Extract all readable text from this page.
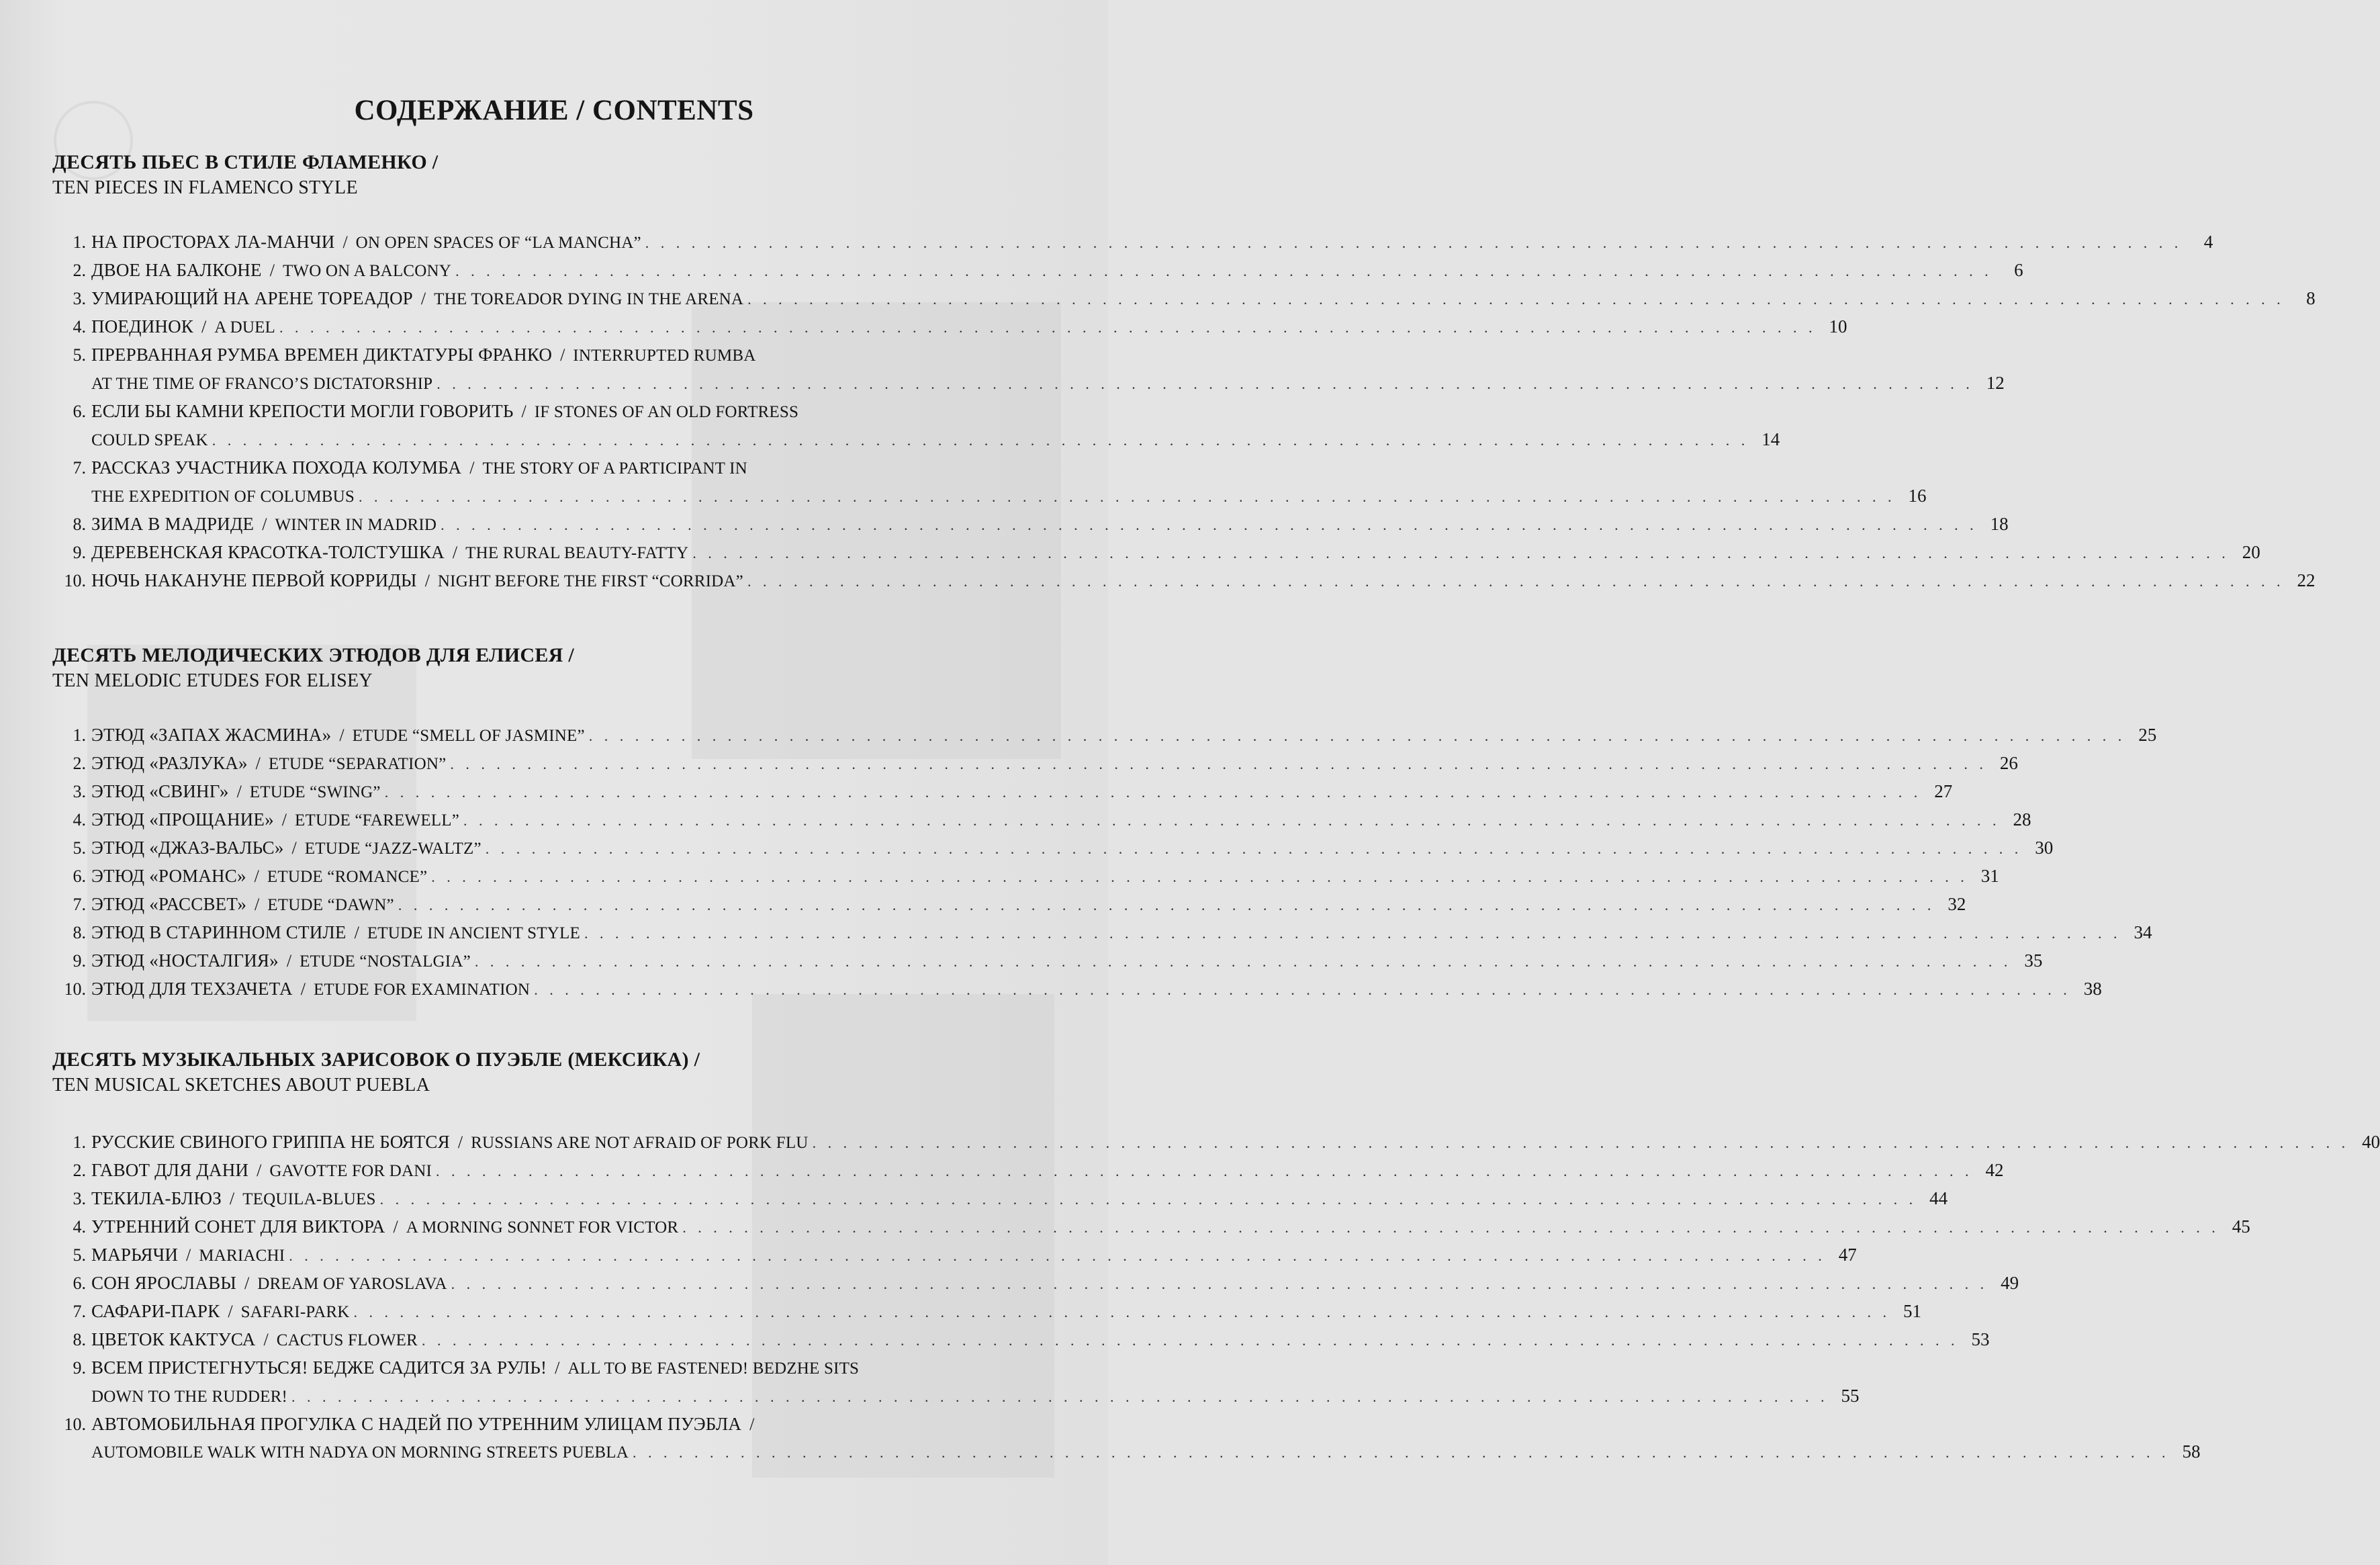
СОДЕРЖАНИЕ / CONTENTS
ДЕСЯТЬ ПЬЕС В СТИЛЕ ФЛАМЕНКО /
TEN PIECES IN FLAMENCO STYLE
1. НА ПРОСТОРАХ ЛА-МАНЧИ / ON OPEN SPACES OF “LA MANCHA” . . . . . . . . . . . . . . . . . . . . . . . . . . . . . . . . . . . . . . . . . . . . . . . . . . . . . . . . . . . . . . . . . . . . . . . . . . . . . . . . . . . . . . . . . . . . . . . . . . . .	4
2. ДВОЕ НА БАЛКОНЕ / TWO ON A BALCONY . . . . . . . . . . . . . . . . . . . . . . . . . . . . . . . . . . . . . . . . . . . . . . . . . . . . . . . . . . . . . . . . . . . . . . . . . . . . . . . . . . . . . . . . . . . . . . . . . . . .	6
3. УМИРАЮЩИЙ НА АРЕНЕ ТОРЕАДОР / THE TOREADOR DYING IN THE ARENA . . . . . . . . . . . . . . . . . . . . . . . . . . . . . . . . . . . . . . . . . . . . . . . . . . . . . . . . . . . . . . . . . . . . . . . . . . . . . . . . . . . . . . . . . . . . . . . . . . . .	8
4. ПОЕДИНОК / A DUEL . . . . . . . . . . . . . . . . . . . . . . . . . . . . . . . . . . . . . . . . . . . . . . . . . . . . . . . . . . . . . . . . . . . . . . . . . . . . . . . . . . . . . . . . . . . . . . . . . . . . 10
5. ПРЕРВАННАЯ РУМБА ВРЕМЕН ДИКТАТУРЫ ФРАНКО / INTERRUPTED RUMBA
AT THE TIME OF FRANCO’S DICTATORSHIP . . . . . . . . . . . . . . . . . . . . . . . . . . . . . . . . . . . . . . . . . . . . . . . . . . . . . . . . . . . . . . . . . . . . . . . . . . . . . . . . . . . . . . . . . . . . . . . . . . . . 12
6. ЕСЛИ БЫ КАМНИ КРЕПОСТИ МОГЛИ ГОВОРИТЬ / IF STONES OF AN OLD FORTRESS
COULD SPEAK . . . . . . . . . . . . . . . . . . . . . . . . . . . . . . . . . . . . . . . . . . . . . . . . . . . . . . . . . . . . . . . . . . . . . . . . . . . . . . . . . . . . . . . . . . . . . . . . . . . . 14
7. РАССКАЗ УЧАСТНИКА ПОХОДА КОЛУМБА / THE STORY OF A PARTICIPANT IN
THE EXPEDITION OF COLUMBUS . . . . . . . . . . . . . . . . . . . . . . . . . . . . . . . . . . . . . . . . . . . . . . . . . . . . . . . . . . . . . . . . . . . . . . . . . . . . . . . . . . . . . . . . . . . . . . . . . . . . 16
8. ЗИМА В МАДРИДЕ / WINTER IN MADRID . . . . . . . . . . . . . . . . . . . . . . . . . . . . . . . . . . . . . . . . . . . . . . . . . . . . . . . . . . . . . . . . . . . . . . . . . . . . . . . . . . . . . . . . . . . . . . . . . . . . 18
9. ДЕРЕВЕНСКАЯ КРАСОТКА-ТОЛСТУШКА / THE RURAL BEAUTY-FATTY . . . . . . . . . . . . . . . . . . . . . . . . . . . . . . . . . . . . . . . . . . . . . . . . . . . . . . . . . . . . . . . . . . . . . . . . . . . . . . . . . . . . . . . . . . . . . . . . . . . . 20
10. НОЧЬ НАКАНУНЕ ПЕРВОЙ КОРРИДЫ / NIGHT BEFORE THE FIRST “CORRIDA” . . . . . . . . . . . . . . . . . . . . . . . . . . . . . . . . . . . . . . . . . . . . . . . . . . . . . . . . . . . . . . . . . . . . . . . . . . . . . . . . . . . . . . . . . . . . . . . . . . . . 22
ДЕСЯТЬ МЕЛОДИЧЕСКИХ ЭТЮДОВ ДЛЯ ЕЛИСЕЯ /
TEN MELODIC ETUDES FOR ELISEY
1. ЭТЮД «ЗАПАХ ЖАСМИНА» / ETUDE “SMELL OF JASMINE” . . . . . . . . . . . . . . . . . . . . . . . . . . . . . . . . . . . . . . . . . . . . . . . . . . . . . . . . . . . . . . . . . . . . . . . . . . . . . . . . . . . . . . . . . . . . . . . . . . . . 25
2. ЭТЮД «РАЗЛУКА» / ETUDE “SEPARATION” . . . . . . . . . . . . . . . . . . . . . . . . . . . . . . . . . . . . . . . . . . . . . . . . . . . . . . . . . . . . . . . . . . . . . . . . . . . . . . . . . . . . . . . . . . . . . . . . . . . . 26
3. ЭТЮД «СВИНГ» / ETUDE “SWING” . . . . . . . . . . . . . . . . . . . . . . . . . . . . . . . . . . . . . . . . . . . . . . . . . . . . . . . . . . . . . . . . . . . . . . . . . . . . . . . . . . . . . . . . . . . . . . . . . . . . 27
4. ЭТЮД «ПРОЩАНИЕ» / ETUDE “FAREWELL” . . . . . . . . . . . . . . . . . . . . . . . . . . . . . . . . . . . . . . . . . . . . . . . . . . . . . . . . . . . . . . . . . . . . . . . . . . . . . . . . . . . . . . . . . . . . . . . . . . . . 28
5. ЭТЮД «ДЖАЗ-ВАЛЬС» / ETUDE “JAZZ-WALTZ” . . . . . . . . . . . . . . . . . . . . . . . . . . . . . . . . . . . . . . . . . . . . . . . . . . . . . . . . . . . . . . . . . . . . . . . . . . . . . . . . . . . . . . . . . . . . . . . . . . . . 30
6. ЭТЮД «РОМАНС» / ETUDE “ROMANCE” . . . . . . . . . . . . . . . . . . . . . . . . . . . . . . . . . . . . . . . . . . . . . . . . . . . . . . . . . . . . . . . . . . . . . . . . . . . . . . . . . . . . . . . . . . . . . . . . . . . . 31
7. ЭТЮД «РАССВЕТ» / ETUDE “DAWN” . . . . . . . . . . . . . . . . . . . . . . . . . . . . . . . . . . . . . . . . . . . . . . . . . . . . . . . . . . . . . . . . . . . . . . . . . . . . . . . . . . . . . . . . . . . . . . . . . . . . 32
8. ЭТЮД В СТАРИННОМ СТИЛЕ / ETUDE IN ANCIENT STYLE . . . . . . . . . . . . . . . . . . . . . . . . . . . . . . . . . . . . . . . . . . . . . . . . . . . . . . . . . . . . . . . . . . . . . . . . . . . . . . . . . . . . . . . . . . . . . . . . . . . . 34
9. ЭТЮД «НОСТАЛГИЯ» / ETUDE “NOSTALGIA” . . . . . . . . . . . . . . . . . . . . . . . . . . . . . . . . . . . . . . . . . . . . . . . . . . . . . . . . . . . . . . . . . . . . . . . . . . . . . . . . . . . . . . . . . . . . . . . . . . . . 35
10. ЭТЮД ДЛЯ ТЕХЗАЧЕТА / ETUDE FOR EXAMINATION . . . . . . . . . . . . . . . . . . . . . . . . . . . . . . . . . . . . . . . . . . . . . . . . . . . . . . . . . . . . . . . . . . . . . . . . . . . . . . . . . . . . . . . . . . . . . . . . . . . . 38
ДЕСЯТЬ МУЗЫКАЛЬНЫХ ЗАРИСОВОК О ПУЭБЛЕ (МЕКСИКА) /
TEN MUSICAL SKETCHES ABOUT PUEBLA
1. РУССКИЕ СВИНОГО ГРИППА НЕ БОЯТСЯ / RUSSIANS ARE NOT AFRAID OF PORK FLU . . . . . . . . . . . . . . . . . . . . . . . . . . . . . . . . . . . . . . . . . . . . . . . . . . . . . . . . . . . . . . . . . . . . . . . . . . . . . . . . . . . . . . . . . . . . . . . . . . . . 40
2. ГАВОТ ДЛЯ ДАНИ / GAVOTTE FOR DANI . . . . . . . . . . . . . . . . . . . . . . . . . . . . . . . . . . . . . . . . . . . . . . . . . . . . . . . . . . . . . . . . . . . . . . . . . . . . . . . . . . . . . . . . . . . . . . . . . . . . 42
3. ТЕКИЛА-БЛЮЗ / TEQUILA-BLUES . . . . . . . . . . . . . . . . . . . . . . . . . . . . . . . . . . . . . . . . . . . . . . . . . . . . . . . . . . . . . . . . . . . . . . . . . . . . . . . . . . . . . . . . . . . . . . . . . . . . 44
4. УТРЕННИЙ СОНЕТ ДЛЯ ВИКТОРА / A MORNING SONNET FOR VICTOR . . . . . . . . . . . . . . . . . . . . . . . . . . . . . . . . . . . . . . . . . . . . . . . . . . . . . . . . . . . . . . . . . . . . . . . . . . . . . . . . . . . . . . . . . . . . . . . . . . . . 45
5. МАРЬЯЧИ / MARIACHI . . . . . . . . . . . . . . . . . . . . . . . . . . . . . . . . . . . . . . . . . . . . . . . . . . . . . . . . . . . . . . . . . . . . . . . . . . . . . . . . . . . . . . . . . . . . . . . . . . . . 47
6. СОН ЯРОСЛАВЫ / DREAM OF YAROSLAVA . . . . . . . . . . . . . . . . . . . . . . . . . . . . . . . . . . . . . . . . . . . . . . . . . . . . . . . . . . . . . . . . . . . . . . . . . . . . . . . . . . . . . . . . . . . . . . . . . . . . 49
7. САФАРИ-ПАРК / SAFARI-PARK . . . . . . . . . . . . . . . . . . . . . . . . . . . . . . . . . . . . . . . . . . . . . . . . . . . . . . . . . . . . . . . . . . . . . . . . . . . . . . . . . . . . . . . . . . . . . . . . . . . . 51
8. ЦВЕТОК КАКТУСА / CACTUS FLOWER . . . . . . . . . . . . . . . . . . . . . . . . . . . . . . . . . . . . . . . . . . . . . . . . . . . . . . . . . . . . . . . . . . . . . . . . . . . . . . . . . . . . . . . . . . . . . . . . . . . . 53
9. ВСЕМ ПРИСТЕГНУТЬСЯ! БЕДЖЕ САДИТСЯ ЗА РУЛЬ! / ALL TO BE FASTENED! BEDZHE SITS
DOWN TO THE RUDDER! . . . . . . . . . . . . . . . . . . . . . . . . . . . . . . . . . . . . . . . . . . . . . . . . . . . . . . . . . . . . . . . . . . . . . . . . . . . . . . . . . . . . . . . . . . . . . . . . . . . . 55
10. АВТОМОБИЛЬНАЯ ПРОГУЛКА С НАДЕЙ ПО УТРЕННИМ УЛИЦАМ ПУЭБЛА /
AUTOMOBILE WALK WITH NADYA ON MORNING STREETS PUEBLA . . . . . . . . . . . . . . . . . . . . . . . . . . . . . . . . . . . . . . . . . . . . . . . . . . . . . . . . . . . . . . . . . . . . . . . . . . . . . . . . . . . . . . . . . . . . . . . . . . . . 58
